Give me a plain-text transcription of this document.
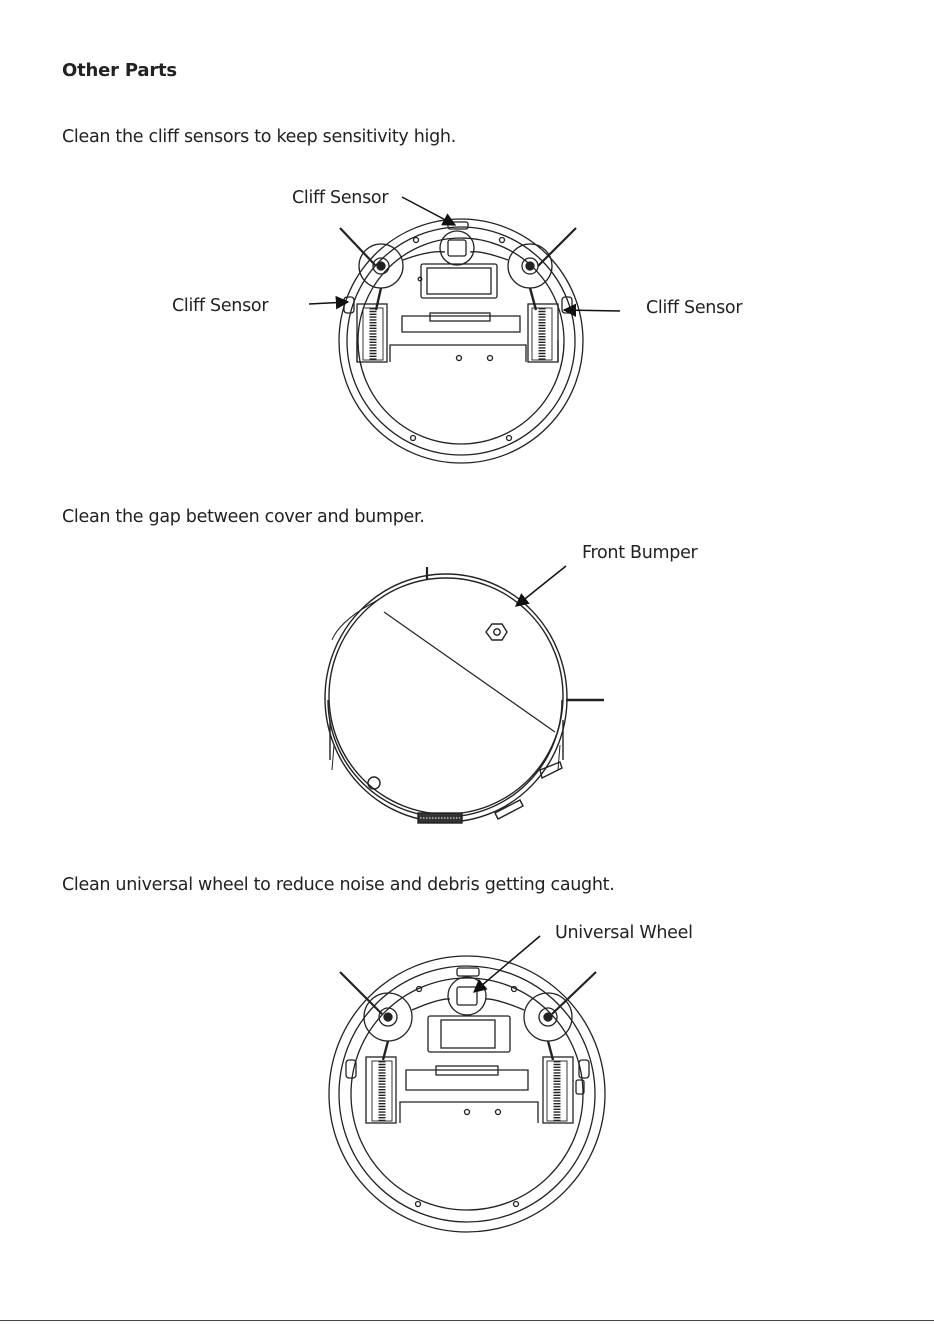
Other Parts
Clean the cliff sensors to keep sensitivity high.
Cliff Sensor
Cliff Sensor	Cliff Sensor
Clean the gap between cover and bumper.
Front Bumper
Clean universal wheel to reduce noise and debris getting caught.
Universal Wheel
